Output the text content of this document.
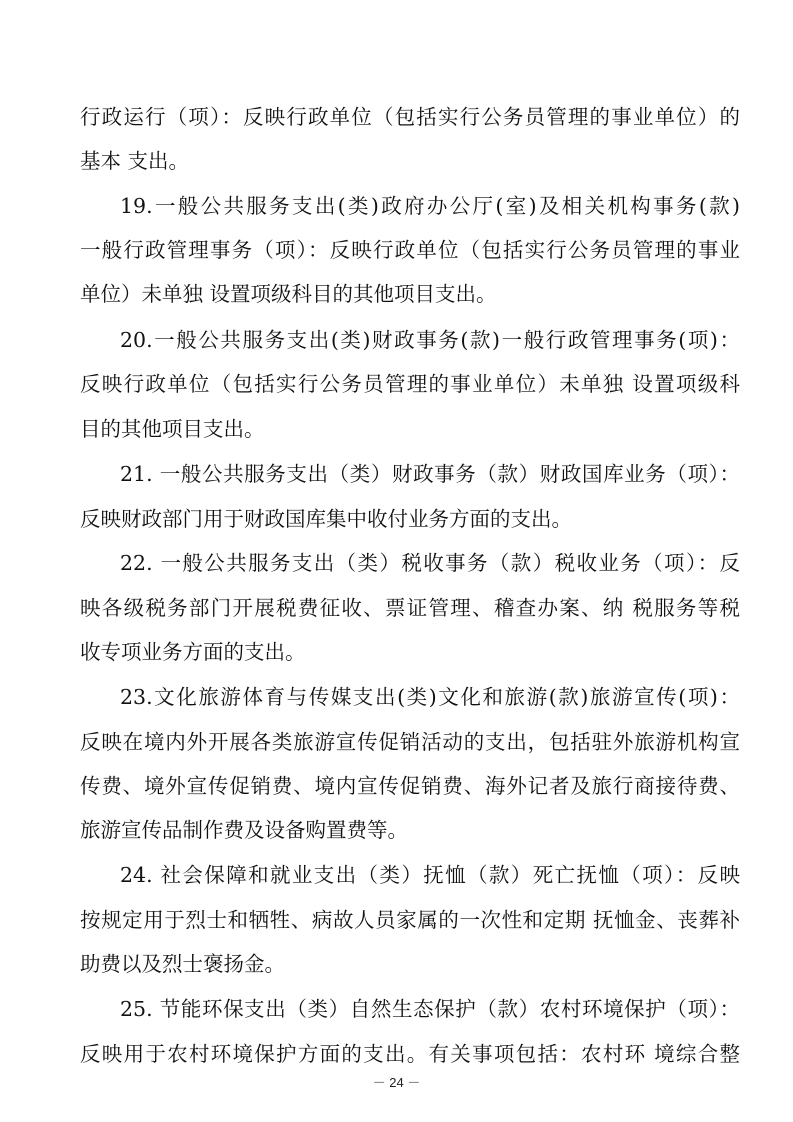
行政运行（项）：反映行政单位（包括实行公务员管理的事业单位）的
基本 支出。
19.一般公共服务支出(类)政府办公厅(室)及相关机构事务(款)
一般行政管理事务（项）：反映行政单位（包括实行公务员管理的事业
单位）未单独 设置项级科目的其他项目支出。
20.一般公共服务支出(类)财政事务(款)一般行政管理事务(项)：
反映行政单位（包括实行公务员管理的事业单位）未单独 设置项级科
目的其他项目支出。
21. 一般公共服务支出（类）财政事务（款）财政国库业务（项）：
反映财政部门用于财政国库集中收付业务方面的支出。
22. 一般公共服务支出（类）税收事务（款）税收业务（项）：反
映各级税务部门开展税费征收、票证管理、稽查办案、纳 税服务等税
收专项业务方面的支出。
23.文化旅游体育与传媒支出(类)文化和旅游(款)旅游宣传(项)：
反映在境内外开展各类旅游宣传促销活动的支出，包括驻外旅游机构宣
传费、境外宣传促销费、境内宣传促销费、海外记者及旅行商接待费、
旅游宣传品制作费及设备购置费等。
24. 社会保障和就业支出（类）抚恤（款）死亡抚恤（项）：反映
按规定用于烈士和牺牲、病故人员家属的一次性和定期 抚恤金、丧葬补
助费以及烈士褒扬金。
25. 节能环保支出（类）自然生态保护（款）农村环境保护（项）：
反映用于农村环境保护方面的支出。有关事项包括：农村环 境综合整
－ 24 －
